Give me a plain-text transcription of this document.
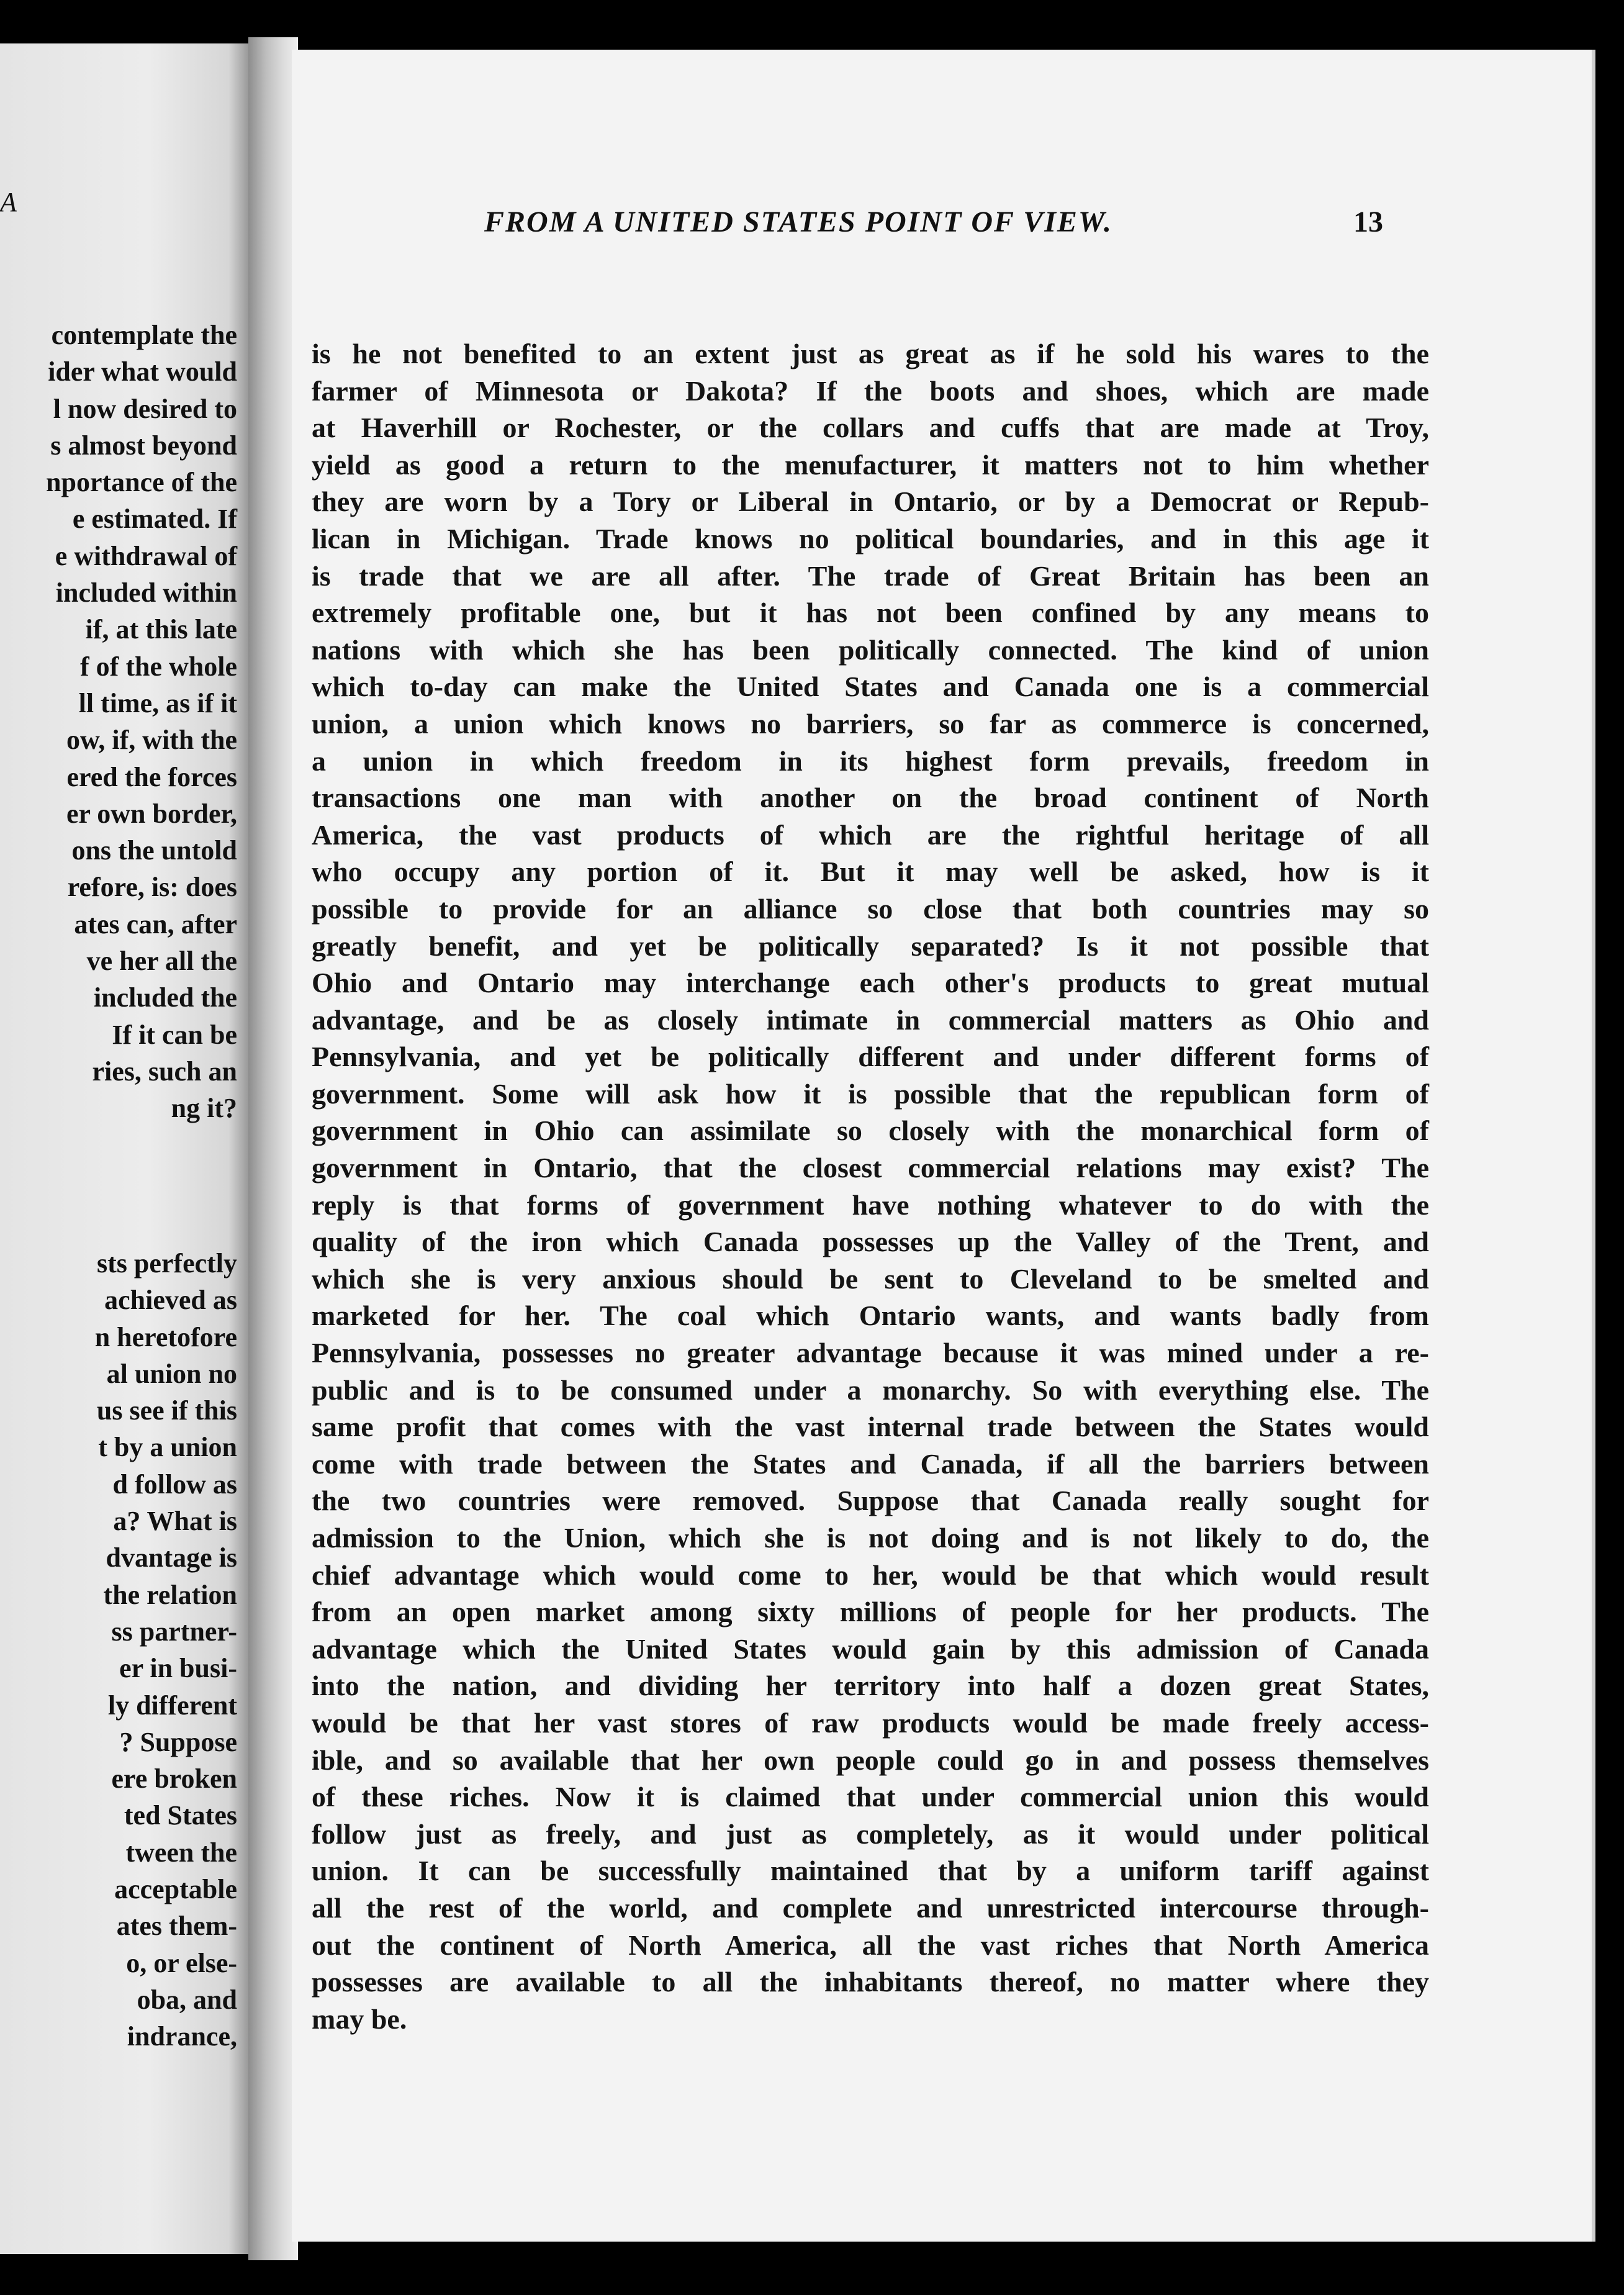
A
contemplate the
ider what would
l now desired to
s almost beyond
nportance of the
e estimated. If
e withdrawal of
included within
if, at this late
f of the whole
ll time, as if it
ow, if, with the
ered the forces
er own border,
ons the untold
refore, is: does
ates can, after
ve her all the
included the
If it can be
ries, such an
ng it?
sts perfectly
achieved as
n heretofore
al union no
us see if this
t by a union
d follow as
a? What is
dvantage is
the relation
ss partner-
er in busi-
ly different
? Suppose
ere broken
ted States
tween the
acceptable
ates them-
o, or else-
oba, and
indrance,
FROM A UNITED STATES POINT OF VIEW.	13
is he not benefited to an extent just as great as if he sold his wares to the
farmer of Minnesota or Dakota? If the boots and shoes, which are made
at Haverhill or Rochester, or the collars and cuffs that are made at Troy,
yield as good a return to the menufacturer, it matters not to him whether
they are worn by a Tory or Liberal in Ontario, or by a Democrat or Repub-
lican in Michigan. Trade knows no political boundaries, and in this age it
is trade that we are all after. The trade of Great Britain has been an
extremely profitable one, but it has not been confined by any means to
nations with which she has been politically connected. The kind of union
which to-day can make the United States and Canada one is a commercial
union, a union which knows no barriers, so far as commerce is concerned,
a union in which freedom in its highest form prevails, freedom in
transactions one man with another on the broad continent of North
America, the vast products of which are the rightful heritage of all
who occupy any portion of it. But it may well be asked, how is it
possible to provide for an alliance so close that both countries may so
greatly benefit, and yet be politically separated? Is it not possible that
Ohio and Ontario may interchange each other's products to great mutual
advantage, and be as closely intimate in commercial matters as Ohio and
Pennsylvania, and yet be politically different and under different forms of
government. Some will ask how it is possible that the republican form of
government in Ohio can assimilate so closely with the monarchical form of
government in Ontario, that the closest commercial relations may exist? The
reply is that forms of government have nothing whatever to do with the
quality of the iron which Canada possesses up the Valley of the Trent, and
which she is very anxious should be sent to Cleveland to be smelted and
marketed for her. The coal which Ontario wants, and wants badly from
Pennsylvania, possesses no greater advantage because it was mined under a re-
public and is to be consumed under a monarchy. So with everything else. The
same profit that comes with the vast internal trade between the States would
come with trade between the States and Canada, if all the barriers between
the two countries were removed. Suppose that Canada really sought for
admission to the Union, which she is not doing and is not likely to do, the
chief advantage which would come to her, would be that which would result
from an open market among sixty millions of people for her products. The
advantage which the United States would gain by this admission of Canada
into the nation, and dividing her territory into half a dozen great States,
would be that her vast stores of raw products would be made freely access-
ible, and so available that her own people could go in and possess themselves
of these riches. Now it is claimed that under commercial union this would
follow just as freely, and just as completely, as it would under political
union. It can be successfully maintained that by a uniform tariff against
all the rest of the world, and complete and unrestricted intercourse through-
out the continent of North America, all the vast riches that North America
possesses are available to all the inhabitants thereof, no matter where they
may be.
